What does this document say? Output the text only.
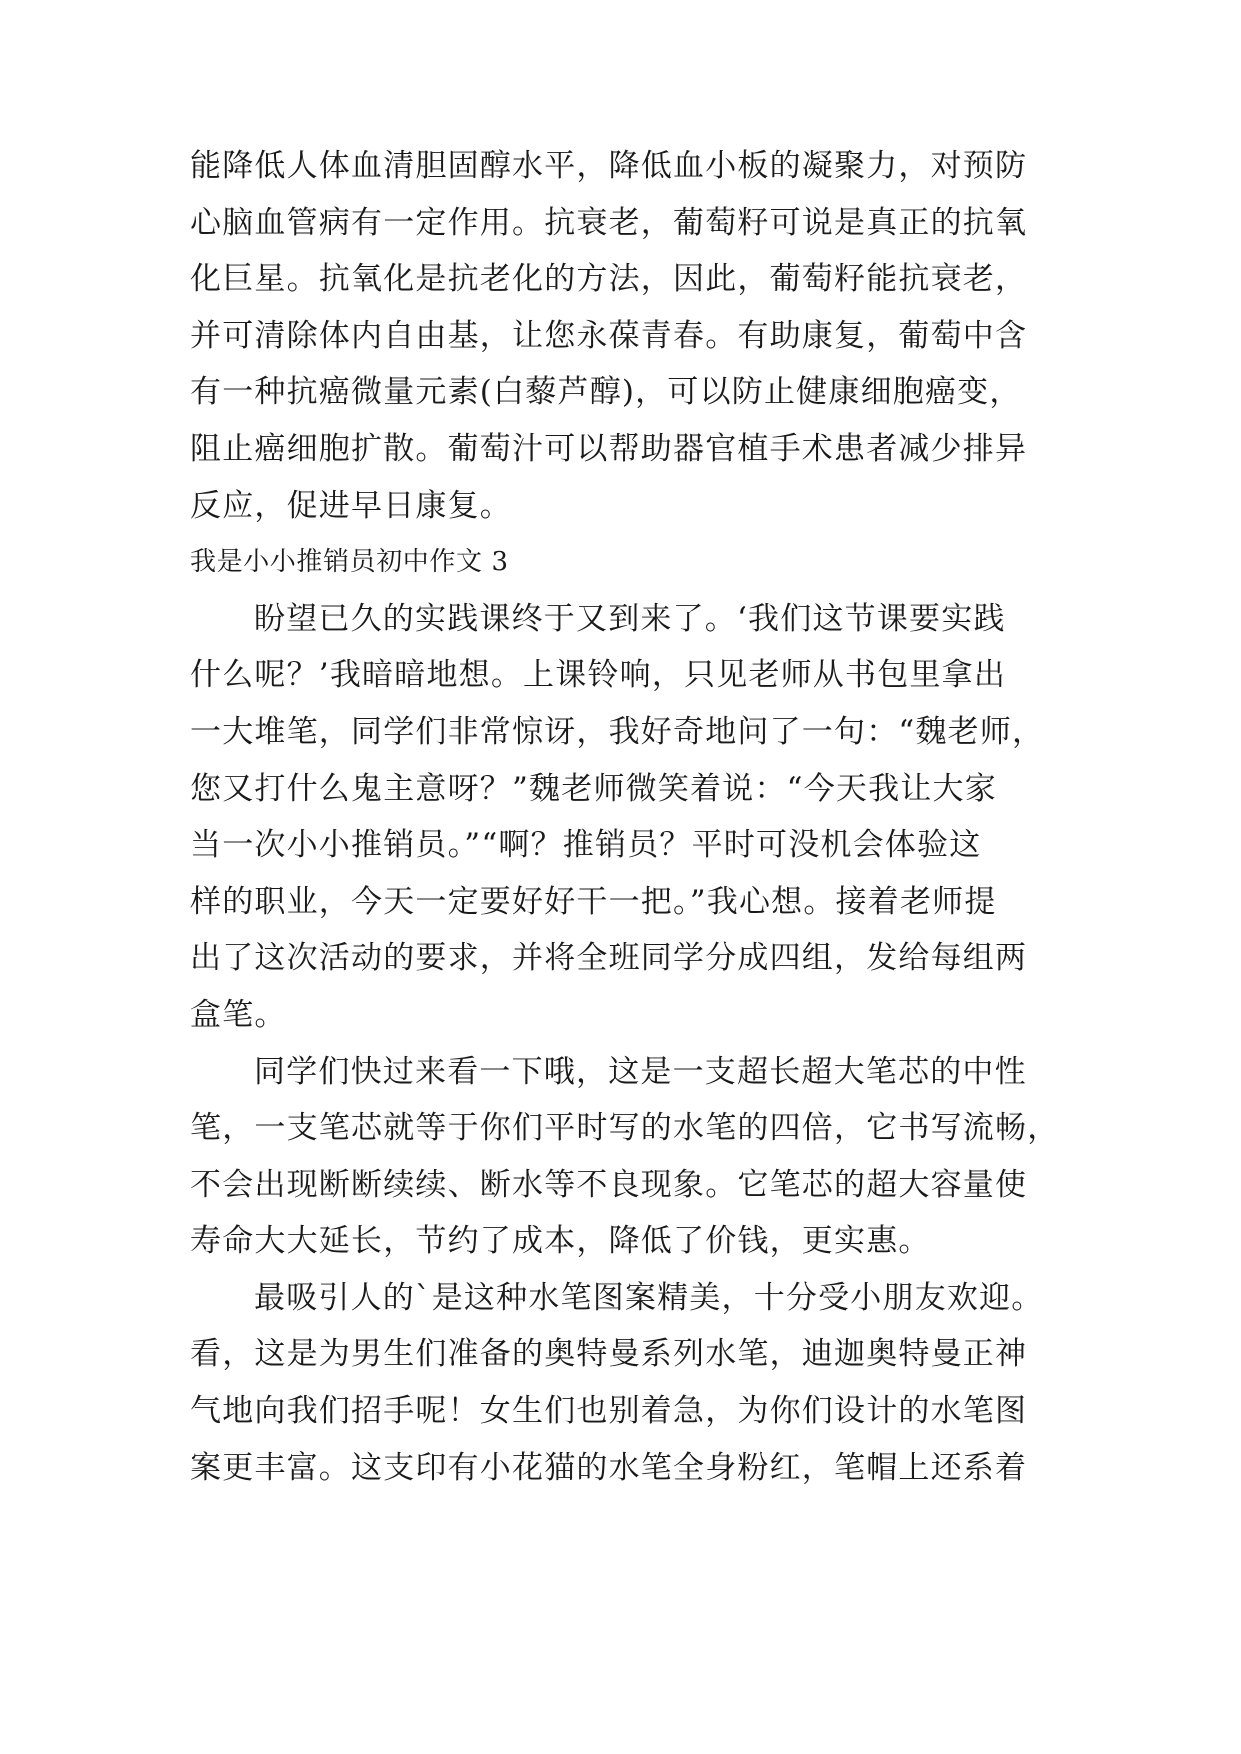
能降低人体血清胆固醇水平，降低血小板的凝聚力，对预防
心脑血管病有一定作用。抗衰老，葡萄籽可说是真正的抗氧
化巨星。抗氧化是抗老化的方法，因此，葡萄籽能抗衰老，
并可清除体内自由基，让您永葆青春。有助康复，葡萄中含
有一种抗癌微量元素(白藜芦醇)，可以防止健康细胞癌变，
阻止癌细胞扩散。葡萄汁可以帮助器官植手术患者减少排异
反应，促进早日康复。
我是小小推销员初中作文 3
盼望已久的实践课终于又到来了。‘我们这节课要实践
什么呢？’我暗暗地想。上课铃响，只见老师从书包里拿出
一大堆笔，同学们非常惊讶，我好奇地问了一句：“魏老师，
您又打什么鬼主意呀？”魏老师微笑着说：“今天我让大家
当一次小小推销员。”“啊？推销员？平时可没机会体验这
样的职业，今天一定要好好干一把。”我心想。接着老师提
出了这次活动的要求，并将全班同学分成四组，发给每组两
盒笔。
同学们快过来看一下哦，这是一支超长超大笔芯的中性
笔，一支笔芯就等于你们平时写的水笔的四倍，它书写流畅，
不会出现断断续续、断水等不良现象。它笔芯的超大容量使
寿命大大延长，节约了成本，降低了价钱，更实惠。
最吸引人的`是这种水笔图案精美，十分受小朋友欢迎。
看，这是为男生们准备的奥特曼系列水笔，迪迦奥特曼正神
气地向我们招手呢！女生们也别着急，为你们设计的水笔图
案更丰富。这支印有小花猫的水笔全身粉红，笔帽上还系着
